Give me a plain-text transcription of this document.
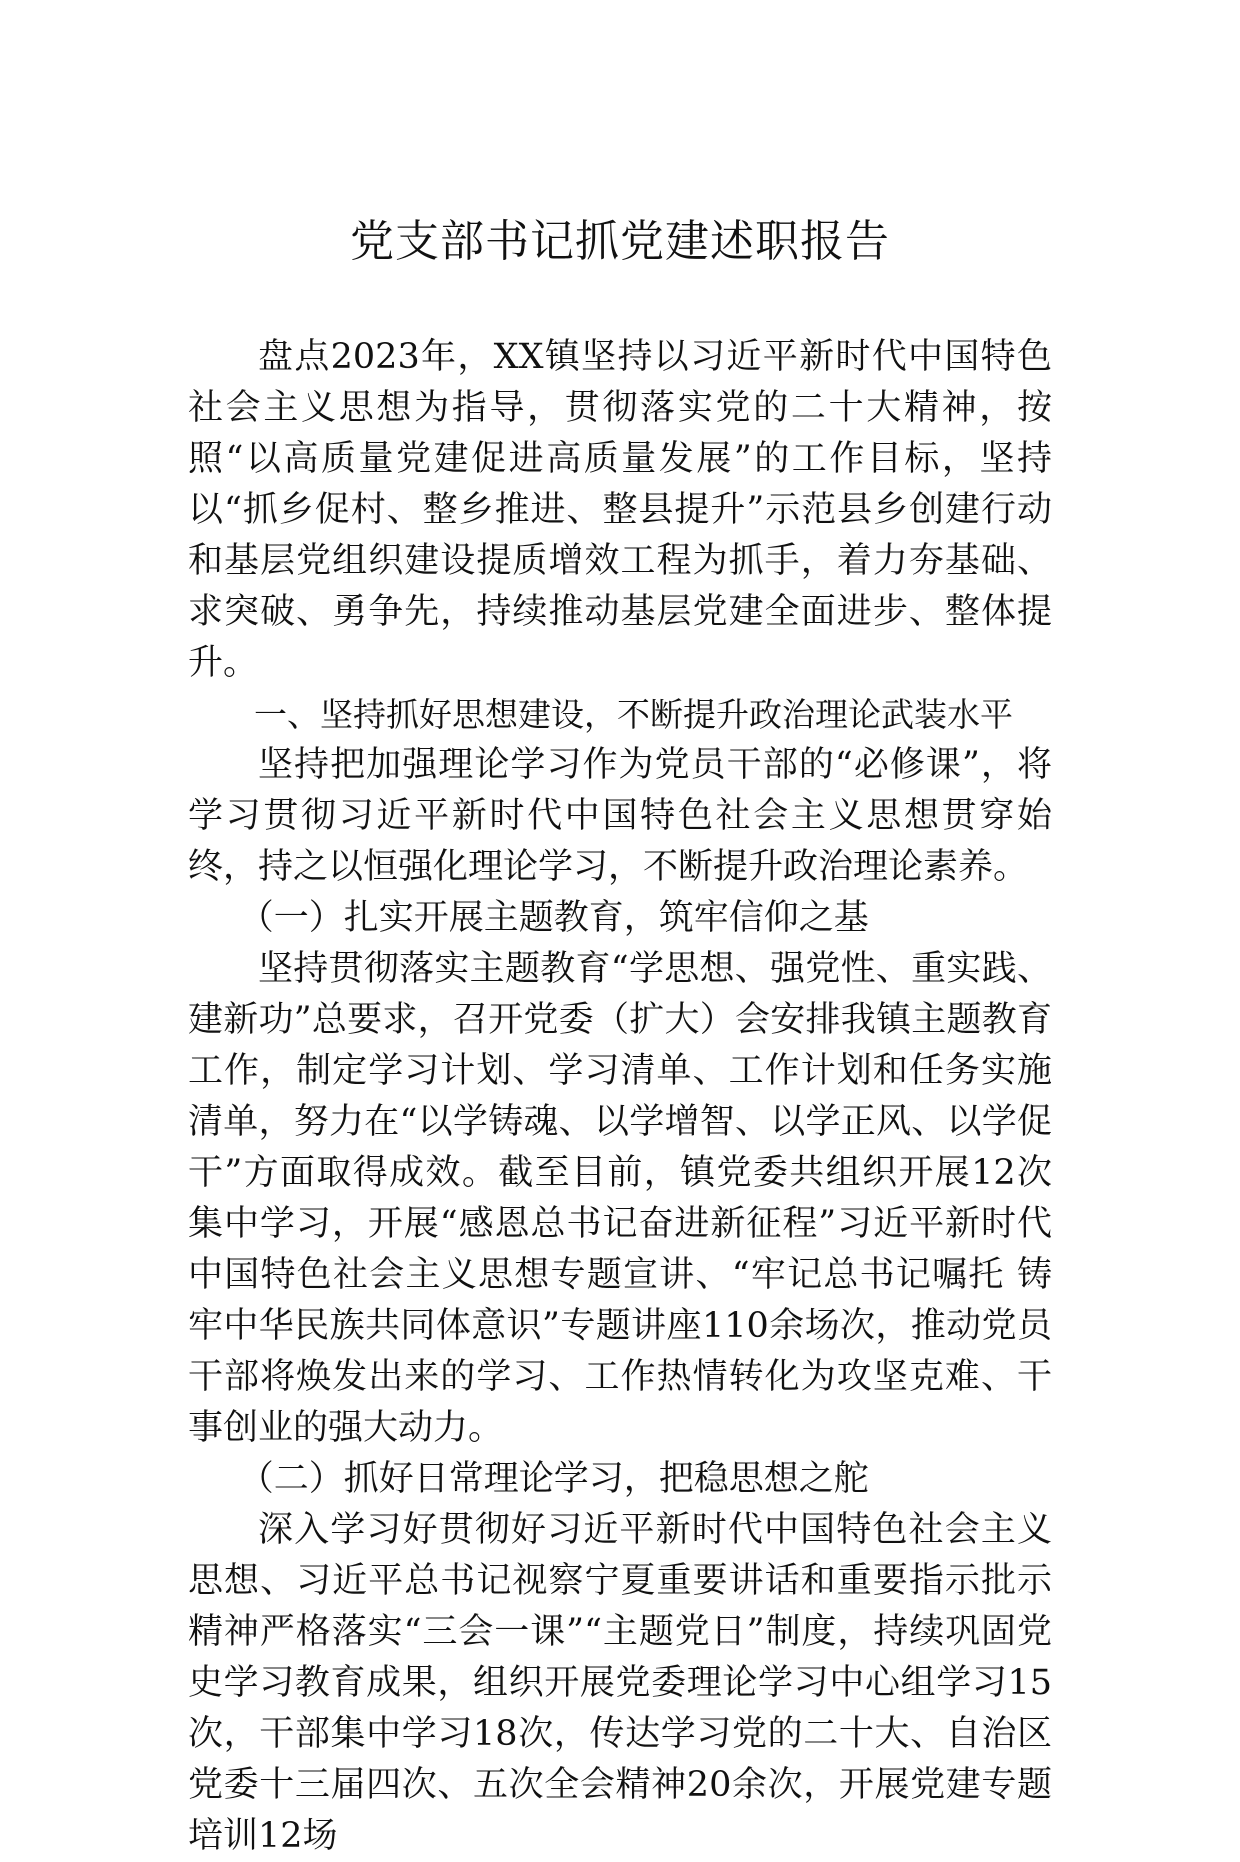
党支部书记抓党建述职报告

盘点2023年，XX镇坚持以习近平新时代中国特色社会主义思想为指导，贯彻落实党的二十大精神，按照“以高质量党建促进高质量发展”的工作目标，坚持以“抓乡促村、整乡推进、整县提升”示范县乡创建行动和基层党组织建设提质增效工程为抓手，着力夯基础、求突破、勇争先，持续推动基层党建全面进步、整体提升。

一、坚持抓好思想建设，不断提升政治理论武装水平

坚持把加强理论学习作为党员干部的“必修课”，将学习贯彻习近平新时代中国特色社会主义思想贯穿始终，持之以恒强化理论学习，不断提升政治理论素养。

（一）扎实开展主题教育，筑牢信仰之基

坚持贯彻落实主题教育“学思想、强党性、重实践、建新功”总要求，召开党委（扩大）会安排我镇主题教育工作，制定学习计划、学习清单、工作计划和任务实施清单，努力在“以学铸魂、以学增智、以学正风、以学促干”方面取得成效。截至目前，镇党委共组织开展12次集中学习，开展“感恩总书记奋进新征程”习近平新时代中国特色社会主义思想专题宣讲、“牢记总书记嘱托 铸牢中华民族共同体意识”专题讲座110余场次，推动党员干部将焕发出来的学习、工作热情转化为攻坚克难、干事创业的强大动力。

（二）抓好日常理论学习，把稳思想之舵

深入学习好贯彻好习近平新时代中国特色社会主义思想、习近平总书记视察宁夏重要讲话和重要指示批示精神严格落实“三会一课”“主题党日”制度，持续巩固党史学习教育成果，组织开展党委理论学习中心组学习15次，干部集中学习18次，传达学习党的二十大、自治区党委十三届四次、五次全会精神20余次，开展党建专题培训12场
